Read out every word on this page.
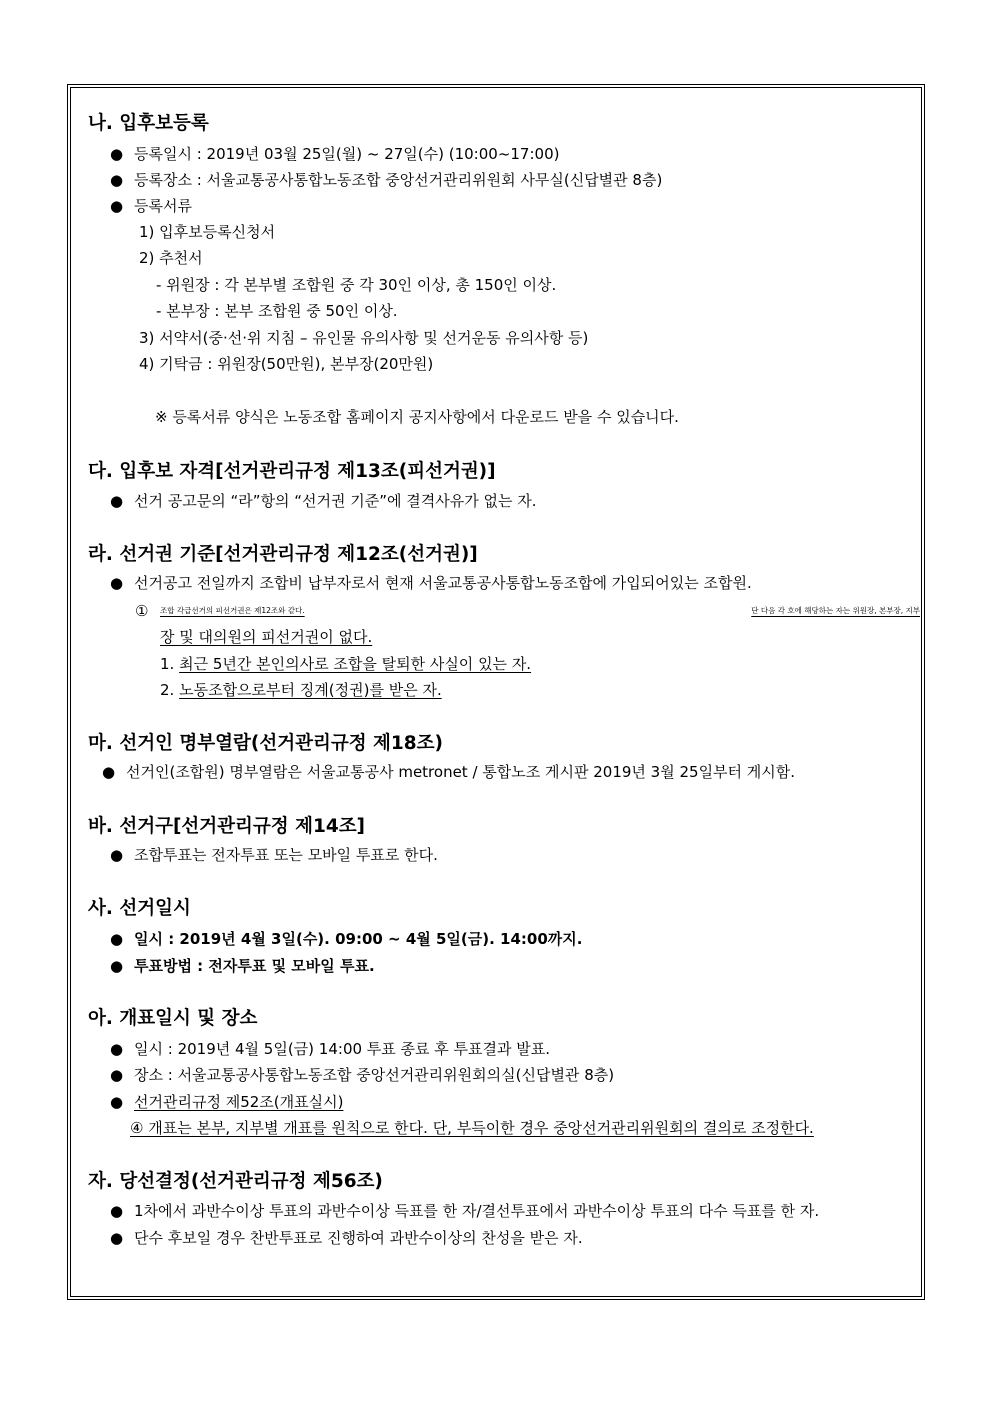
나. 입후보등록
● 등록일시 : 2019년 03월 25일(월) ~ 27일(수) (10:00~17:00)
● 등록장소 : 서울교통공사통합노동조합 중앙선거관리위원회 사무실(신답별관 8층)
● 등록서류
1) 입후보등록신청서
2) 추천서
- 위원장 : 각 본부별 조합원 중 각 30인 이상, 총 150인 이상.
- 본부장 : 본부 조합원 중 50인 이상.
3) 서약서(중·선·위 지침 – 유인물 유의사항 및 선거운동 유의사항 등)
4) 기탁금 : 위원장(50만원), 본부장(20만원)
※ 등록서류 양식은 노동조합 홈페이지 공지사항에서 다운로드 받을 수 있습니다.
다. 입후보 자격[선거관리규정 제13조(피선거권)]
● 선거 공고문의 “라”항의 “선거권 기준”에 결격사유가 없는 자.
라. 선거권 기준[선거관리규정 제12조(선거권)]
● 선거공고 전일까지 조합비 납부자로서 현재 서울교통공사통합노동조합에 가입되어있는 조합원.
① 조합 각급선거의 피선거권은 제12조와 같다.	단 다음 각 호에 해당하는 자는 위원장, 본부장, 지부
장 및 대의원의 피선거권이 없다.
1. 최근 5년간 본인의사로 조합을 탈퇴한 사실이 있는 자.
2. 노동조합으로부터 징계(정권)를 받은 자.
마. 선거인 명부열람(선거관리규정 제18조)
● 선거인(조합원) 명부열람은 서울교통공사 metronet / 통합노조 게시판 2019년 3월 25일부터 게시함.
바. 선거구[선거관리규정 제14조]
● 조합투표는 전자투표 또는 모바일 투표로 한다.
사. 선거일시
● 일시 : 2019년 4월 3일(수). 09:00 ~ 4월 5일(금). 14:00까지.
● 투표방법 : 전자투표 및 모바일 투표.
아. 개표일시 및 장소
● 일시 : 2019년 4월 5일(금) 14:00 투표 종료 후 투표결과 발표.
● 장소 : 서울교통공사통합노동조합 중앙선거관리위원회의실(신답별관 8층)
● 선거관리규정 제52조(개표실시)
④ 개표는 본부, 지부별 개표를 원칙으로 한다. 단, 부득이한 경우 중앙선거관리위원회의 결의로 조정한다.
자. 당선결정(선거관리규정 제56조)
● 1차에서 과반수이상 투표의 과반수이상 득표를 한 자/결선투표에서 과반수이상 투표의 다수 득표를 한 자.
● 단수 후보일 경우 찬반투표로 진행하여 과반수이상의 찬성을 받은 자.
